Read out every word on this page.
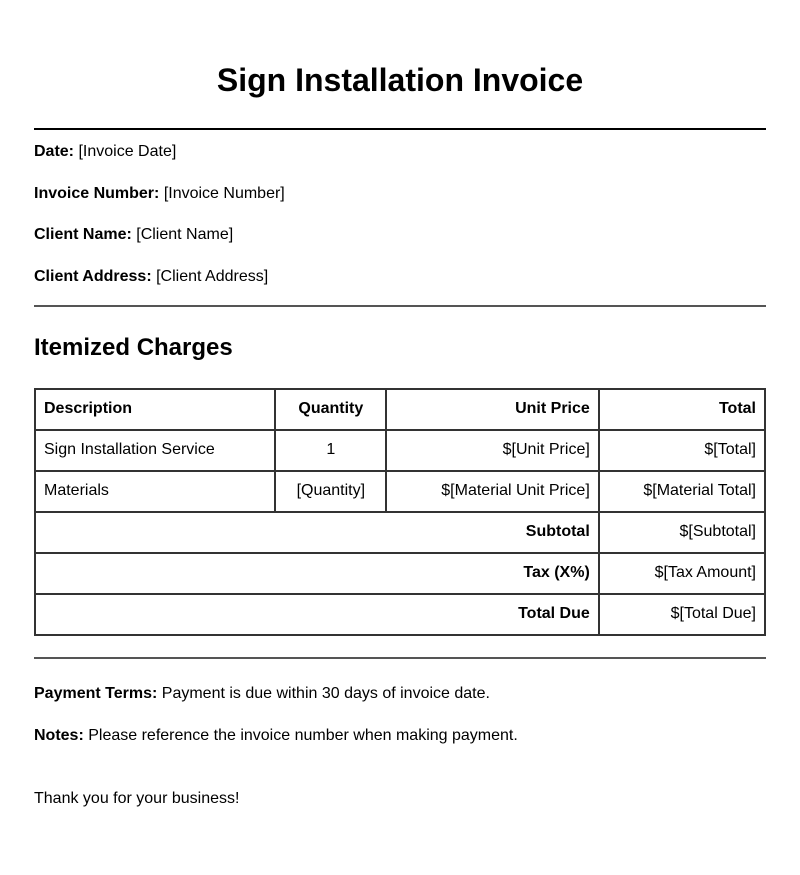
Sign Installation Invoice

Date: [Invoice Date]

Invoice Number: [Invoice Number]

Client Name: [Client Name]

Client Address: [Client Address]

Itemized Charges
Description	Quantity	Unit Price	Total
Sign Installation Service	1	$[Unit Price]	$[Total]
Materials	[Quantity]	$[Material Unit Price]	$[Material Total]
Subtotal			$[Subtotal]
Tax (X%)			$[Tax Amount]
Total Due			$[Total Due]

Payment Terms: Payment is due within 30 days of invoice date.

Notes: Please reference the invoice number when making payment.

Thank you for your business!
